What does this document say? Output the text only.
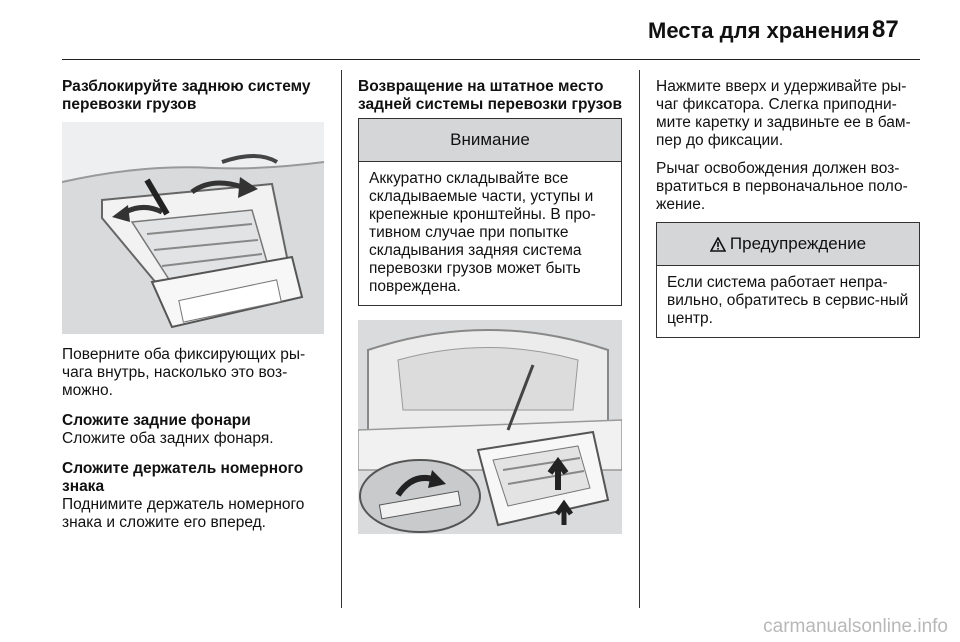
Места для хранения 87
Разблокируйте заднюю систему перевозки грузов

Поверните оба фиксирующих ры-чага внутрь, насколько это воз-можно.

Сложите задние фонари

Сложите оба задних фонаря.

Сложите держатель номерного знака

Поднимите держатель номерного знака и сложите его вперед.

Возвращение на штатное место задней системы перевозки грузов
Внимание
Аккуратно складывайте все складываемые части, уступы и крепежные кронштейны. В про-тивном случае при попытке складывания задняя система перевозки грузов может быть повреждена.

Нажмите вверх и удерживайте ры-чаг фиксатора. Слегка приподни-мите каретку и задвиньте ее в бам-пер до фиксации.

Рычаг освобождения должен воз-вратиться в первоначальное поло-жение.

Предупреждение
Если система работает непра-вильно, обратитесь в сервис-ный центр.
carmanualsonline.info
